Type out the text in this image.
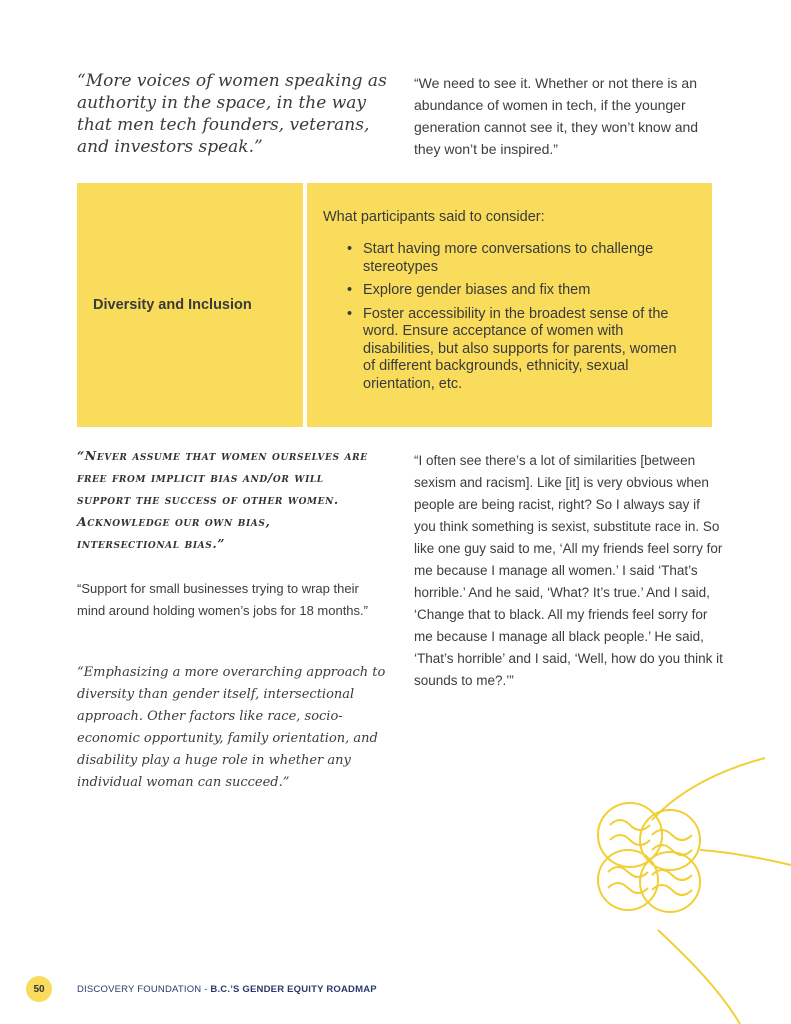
“More voices of women speaking as authority in the space, in the way that men tech founders, veterans, and investors speak.”

“We need to see it. Whether or not there is an abundance of women in tech, if the younger generation cannot see it, they won’t know and they won’t be inspired.”

Diversity and Inclusion

What participants said to consider:

• Start having more conversations to challenge stereotypes
• Explore gender biases and fix them
• Foster accessibility in the broadest sense of the word. Ensure acceptance of women with disabilities, but also supports for parents, women of different backgrounds, ethnicity, sexual orientation, etc.

“Never assume that women ourselves are free from implicit bias and/or will support the success of other women. Acknowledge our own bias, intersectional bias.”

“Support for small businesses trying to wrap their mind around holding women’s jobs for 18 months.”

“Emphasizing a more overarching approach to diversity than gender itself, intersectional approach. Other factors like race, socio-economic opportunity, family orientation, and disability play a huge role in whether any individual woman can succeed.”

“I often see there’s a lot of similarities [between sexism and racism]. Like [it] is very obvious when people are being racist, right? So I always say if you think something is sexist, substitute race in. So like one guy said to me, ‘All my friends feel sorry for me because I manage all women.’ I said ‘That’s horrible.’ And he said, ‘What? It’s true.’ And I said, ‘Change that to black. All my friends feel sorry for me because I manage all black people.’ He said, ‘That’s horrible’ and I said, ‘Well, how do you think it sounds to me?.’”

50	DISCOVERY FOUNDATION - B.C.’S GENDER EQUITY ROADMAP
